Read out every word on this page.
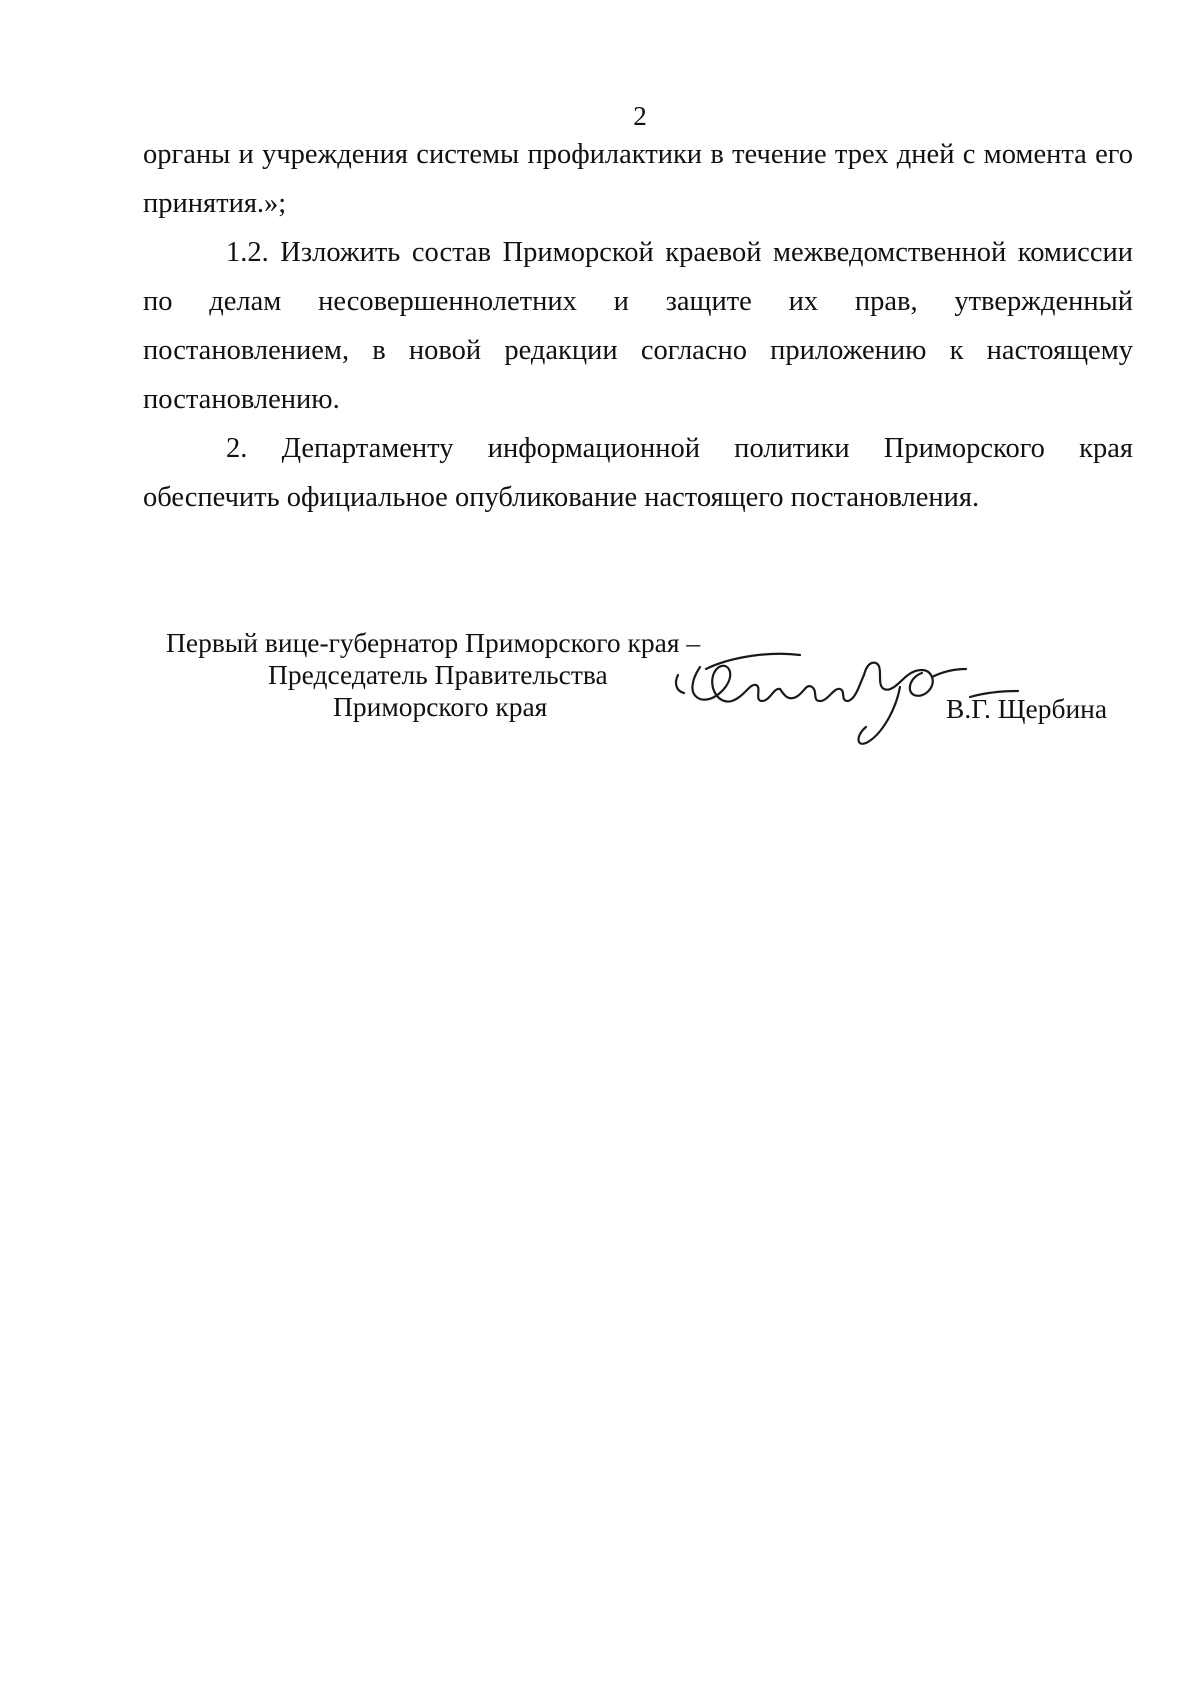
2

органы и учреждения системы профилактики в течение трех дней с момента его принятия.»;

1.2. Изложить состав Приморской краевой межведомственной комиссии по делам несовершеннолетних и защите их прав, утвержденный постановлением, в новой редакции согласно приложению к настоящему постановлению.

2. Департаменту информационной политики Приморского края обеспечить официальное опубликование настоящего постановления.

Первый вице-губернатор Приморского края –
Председатель Правительства
Приморского края	В.Г. Щербина
